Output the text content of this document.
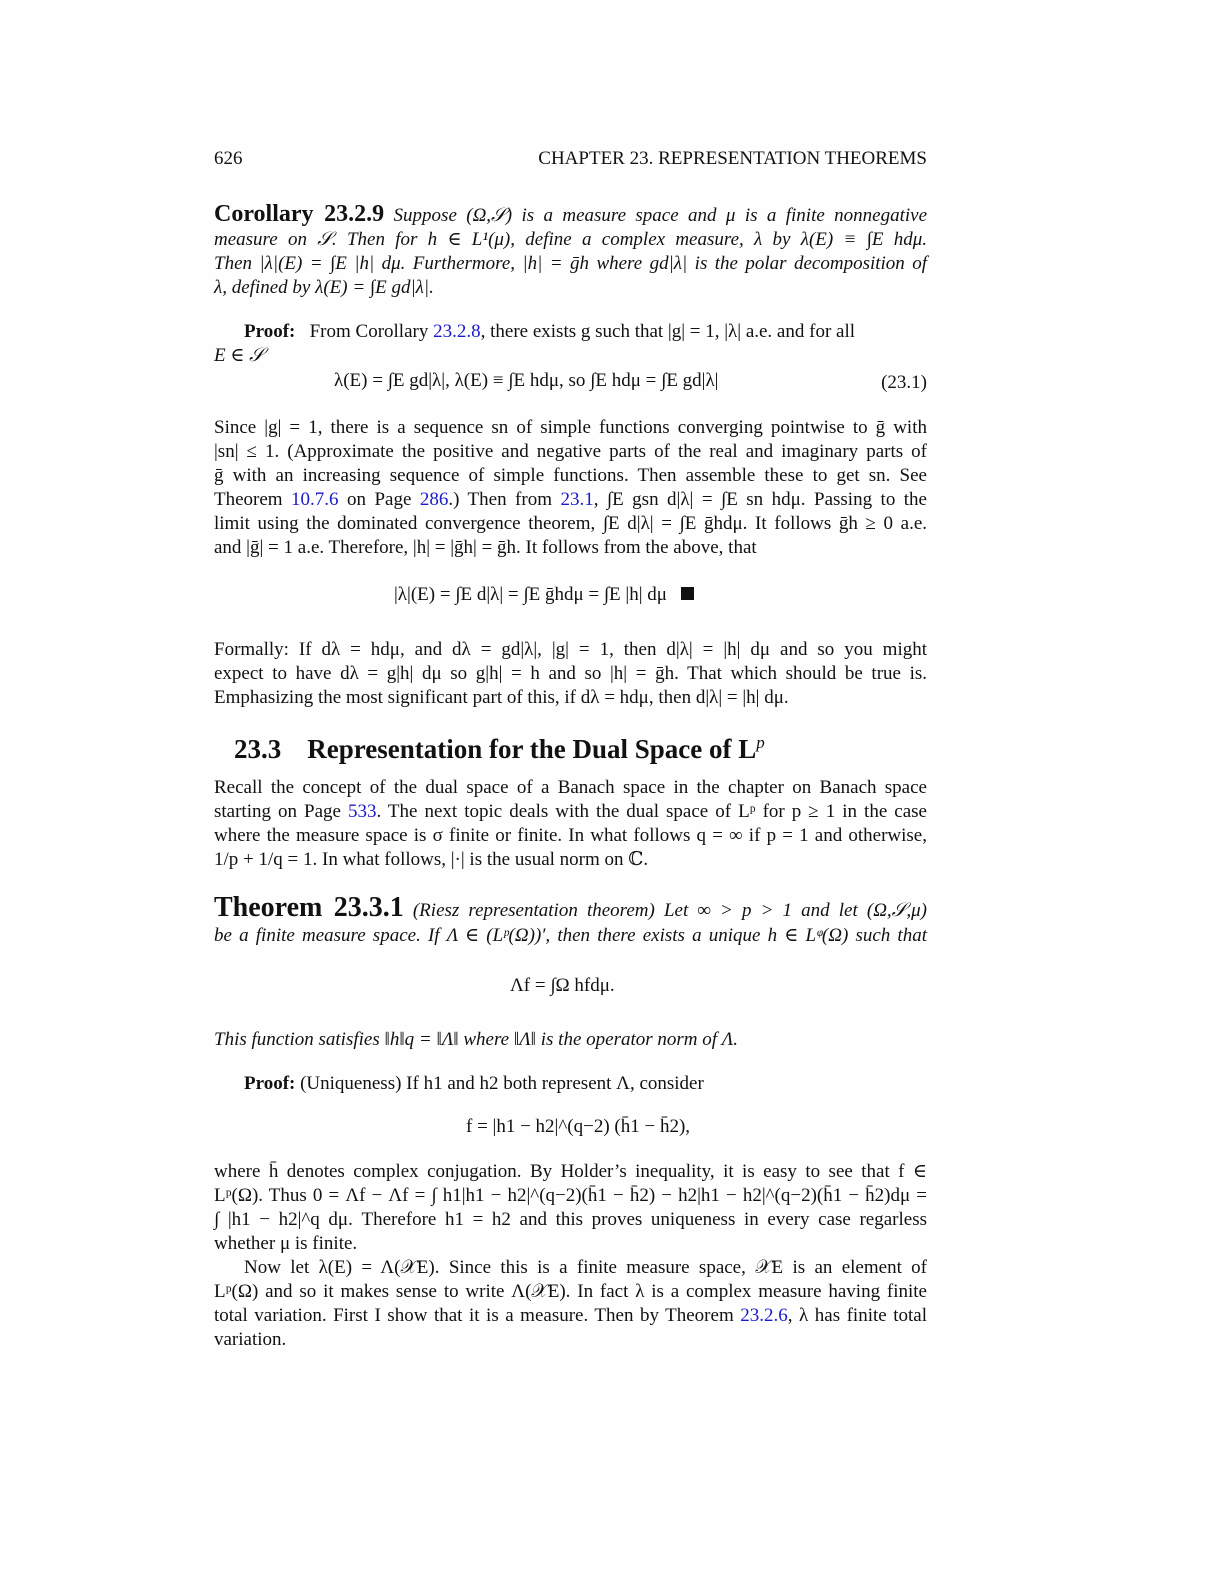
626	CHAPTER 23. REPRESENTATION THEOREMS
Corollary 23.2.9 Suppose (Ω,𝒮) is a measure space and μ is a finite nonnegative
measure on 𝒮. Then for h ∈ L¹(μ), define a complex measure, λ by λ(E) ≡ ∫E hdμ.
Then |λ|(E) = ∫E |h| dμ. Furthermore, |h| = ḡh where gd|λ| is the polar decomposition of
λ, defined by λ(E) = ∫E gd|λ|.
Proof: From Corollary 23.2.8, there exists g such that |g| = 1, |λ| a.e. and for all
E ∈ 𝒮
λ(E) = ∫E gd|λ|, λ(E) ≡ ∫E hdμ, so ∫E hdμ = ∫E gd|λ|	(23.1)
Since |g| = 1, there is a sequence sn of simple functions converging pointwise to ḡ with
|sn| ≤ 1. (Approximate the positive and negative parts of the real and imaginary parts of
ḡ with an increasing sequence of simple functions. Then assemble these to get sn. See
Theorem 10.7.6 on Page 286.) Then from 23.1, ∫E gsn d|λ| = ∫E sn hdμ. Passing to the
limit using the dominated convergence theorem, ∫E d|λ| = ∫E ḡhdμ. It follows ḡh ≥ 0 a.e.
and |ḡ| = 1 a.e. Therefore, |h| = |ḡh| = ḡh. It follows from the above, that
|λ|(E) = ∫E d|λ| = ∫E ḡhdμ = ∫E |h| dμ
Formally: If dλ = hdμ, and dλ = gd|λ|, |g| = 1, then d|λ| = |h| dμ and so you might
expect to have dλ = g|h| dμ so g|h| = h and so |h| = ḡh. That which should be true is.
Emphasizing the most significant part of this, if dλ = hdμ, then d|λ| = |h| dμ.
23.3 Representation for the Dual Space of $L^p$
Recall the concept of the dual space of a Banach space in the chapter on Banach space
starting on Page 533. The next topic deals with the dual space of Lᵖ for p ≥ 1 in the case
where the measure space is σ finite or finite. In what follows q = ∞ if p = 1 and otherwise,
1/p + 1/q = 1. In what follows, |·| is the usual norm on ℂ.
Theorem 23.3.1 (Riesz representation theorem) Let ∞ > p > 1 and let (Ω,𝒮,μ)
be a finite measure space. If Λ ∈ (Lᵖ(Ω))′, then there exists a unique h ∈ Lᵠ(Ω) such that
Λf = ∫Ω hfdμ.
This function satisfies ‖h‖q = ‖Λ‖ where ‖Λ‖ is the operator norm of Λ.
Proof: (Uniqueness) If h1 and h2 both represent Λ, consider
f = |h1 − h2|^(q−2) (h̄1 − h̄2),
where h̄ denotes complex conjugation. By Holder’s inequality, it is easy to see that f ∈
Lᵖ(Ω). Thus 0 = Λf − Λf = ∫ h1|h1 − h2|^(q−2)(h̄1 − h̄2) − h2|h1 − h2|^(q−2)(h̄1 − h̄2)dμ =
∫ |h1 − h2|^q dμ. Therefore h1 = h2 and this proves uniqueness in every case regarless
whether μ is finite.
Now let λ(E) = Λ(𝒳E). Since this is a finite measure space, 𝒳E is an element of
Lᵖ(Ω) and so it makes sense to write Λ(𝒳E). In fact λ is a complex measure having finite
total variation. First I show that it is a measure. Then by Theorem 23.2.6, λ has finite total
variation.
